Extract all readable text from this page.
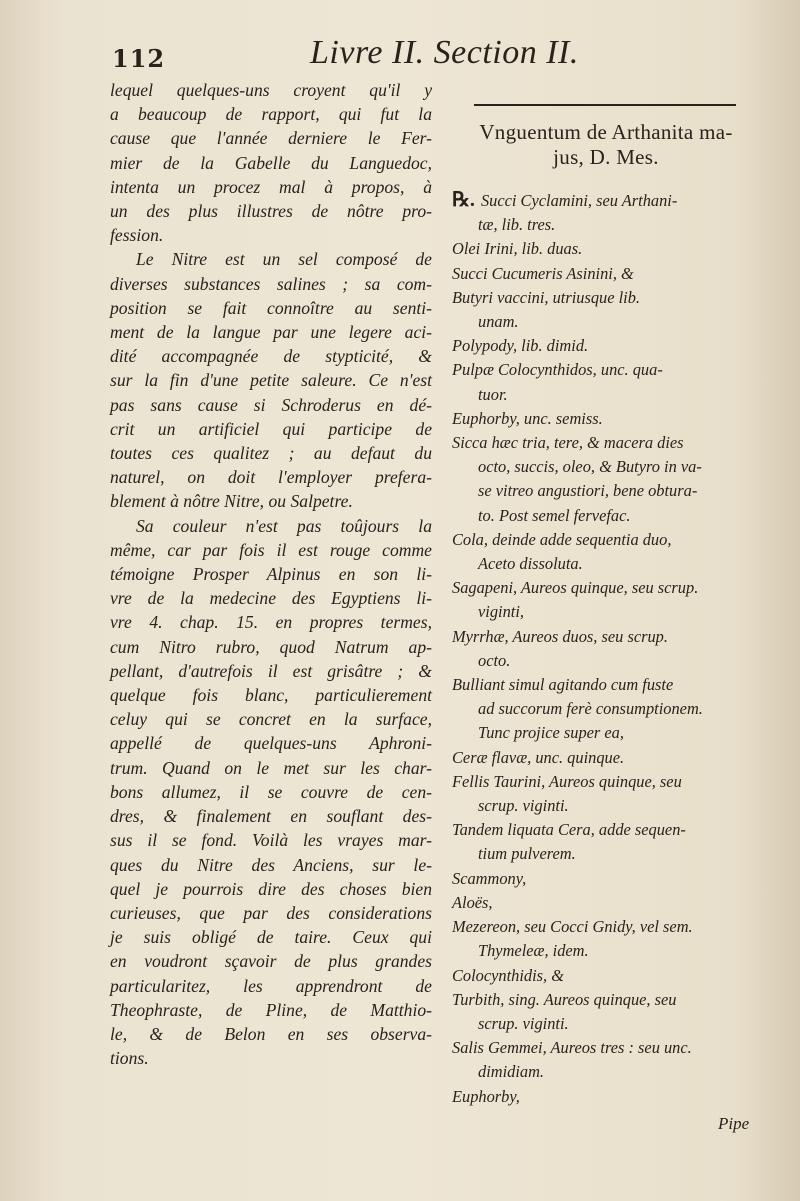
112	Livre II. Section II.
lequel quelques-uns croyent qu'il y
a beaucoup de rapport, qui fut la
cause que l'année derniere le Fer-
mier de la Gabelle du Languedoc,
intenta un procez mal à propos, à
un des plus illustres de nôtre pro-
fession.
Le Nitre est un sel composé de
diverses substances salines ; sa com-
position se fait connoître au senti-
ment de la langue par une legere aci-
dité accompagnée de stypticité, &
sur la fin d'une petite saleure. Ce n'est
pas sans cause si Schroderus en dé-
crit un artificiel qui participe de
toutes ces qualitez ; au defaut du
naturel, on doit l'employer prefera-
blement à nôtre Nitre, ou Salpetre.
Sa couleur n'est pas toûjours la
même, car par fois il est rouge comme
témoigne Prosper Alpinus en son li-
vre de la medecine des Egyptiens li-
vre 4. chap. 15. en propres termes,
cum Nitro rubro, quod Natrum ap-
pellant, d'autrefois il est grisâtre ; &
quelque fois blanc, particulierement
celuy qui se concret en la surface,
appellé de quelques-uns Aphroni-
trum. Quand on le met sur les char-
bons allumez, il se couvre de cen-
dres, & finalement en souflant des-
sus il se fond. Voilà les vrayes mar-
ques du Nitre des Anciens, sur le-
quel je pourrois dire des choses bien
curieuses, que par des considerations
je suis obligé de taire. Ceux qui
en voudront sçavoir de plus grandes
particularitez, les apprendront de
Theophraste, de Pline, de Matthio-
le, & de Belon en ses observa-
tions.
Vnguentum de Arthanita ma-
jus, D. Mes.
℞. Succi Cyclamini, seu Arthani-
tæ, lib. tres.
Olei Irini, lib. duas.
Succi Cucumeris Asinini, &
Butyri vaccini, utriusque lib.
unam.
Polypody, lib. dimid.
Pulpæ Colocynthidos, unc. qua-
tuor.
Euphorby, unc. semiss.
Sicca hæc tria, tere, & macera dies
octo, succis, oleo, & Butyro in va-
se vitreo angustiori, bene obtura-
to. Post semel fervefac.
Cola, deinde adde sequentia duo,
Aceto dissoluta.
Sagapeni, Aureos quinque, seu scrup.
viginti,
Myrrhæ, Aureos duos, seu scrup.
octo.
Bulliant simul agitando cum fuste
ad succorum ferè consumptionem.
Tunc projice super ea,
Ceræ flavæ, unc. quinque.
Fellis Taurini, Aureos quinque, seu
scrup. viginti.
Tandem liquata Cera, adde sequen-
tium pulverem.
Scammony,
Aloës,
Mezereon, seu Cocci Gnidy, vel sem.
Thymeleæ, idem.
Colocynthidis, &
Turbith, sing. Aureos quinque, seu
scrup. viginti.
Salis Gemmei, Aureos tres : seu unc.
dimidiam.
Euphorby,
Pipe
